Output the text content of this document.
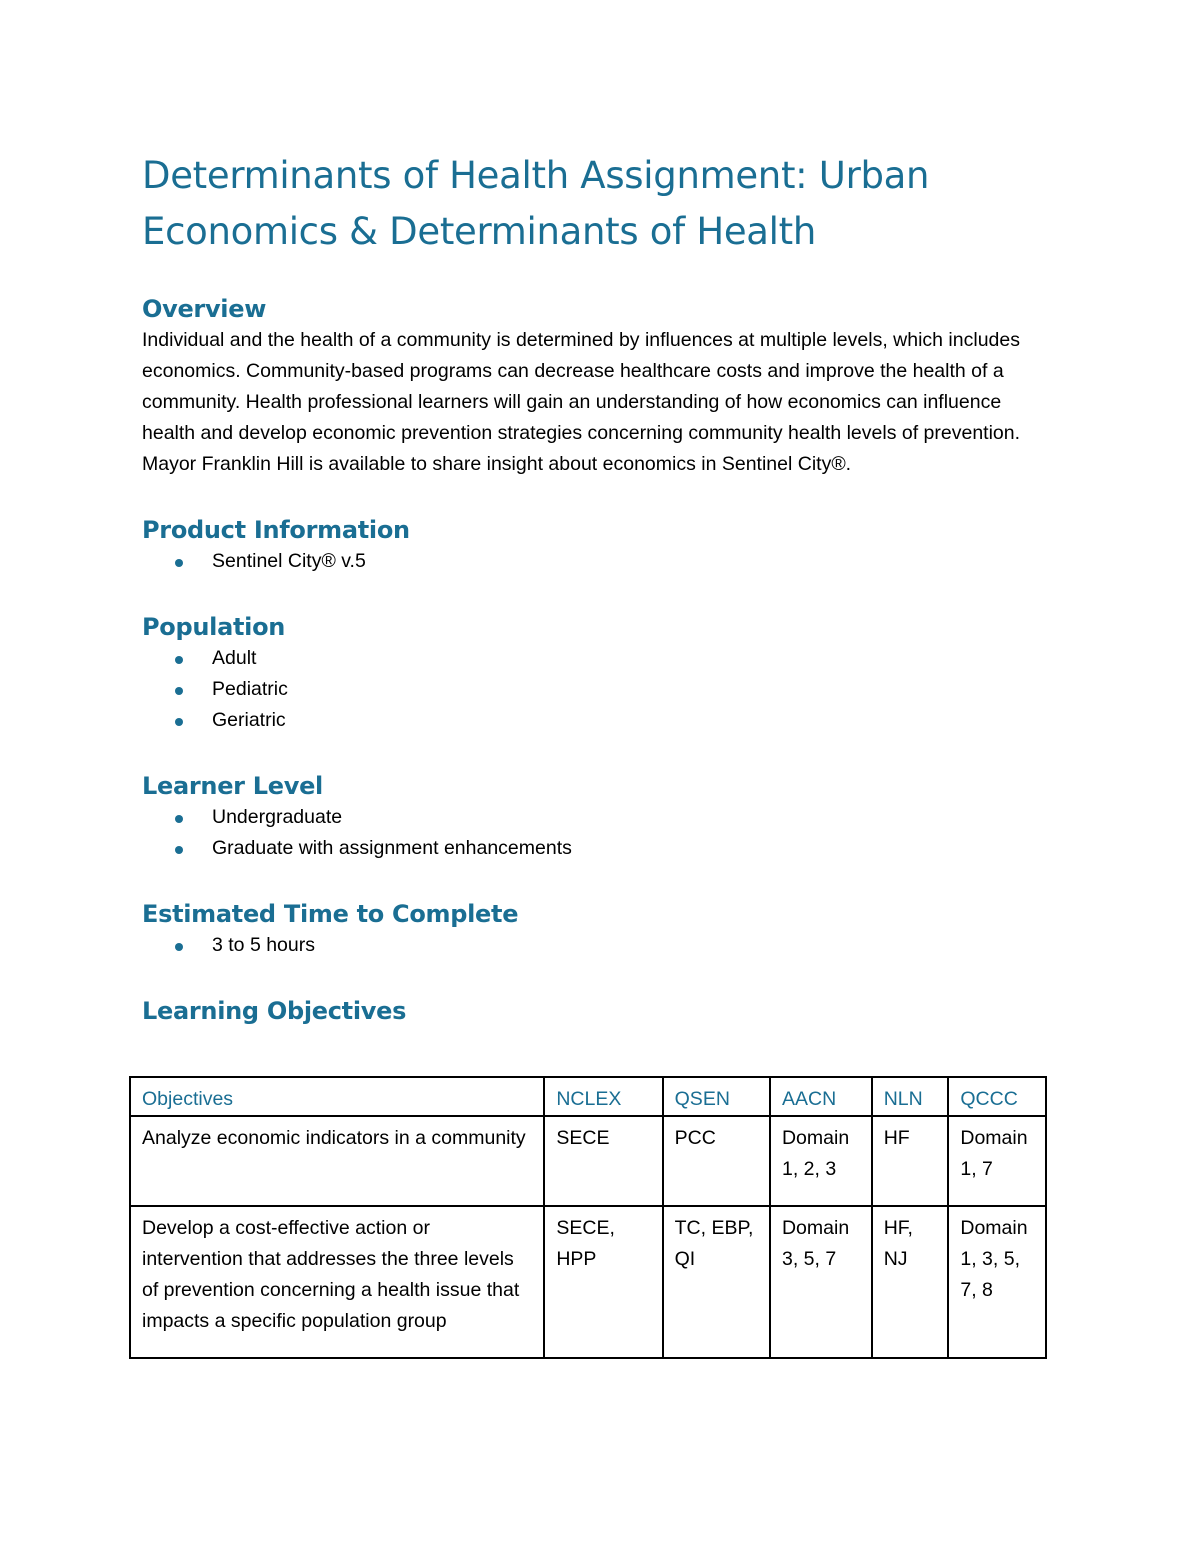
Determinants of Health Assignment: Urban Economics & Determinants of Health
Overview

Individual and the health of a community is determined by influences at multiple levels, which includes economics. Community-based programs can decrease healthcare costs and improve the health of a community. Health professional learners will gain an understanding of how economics can influence health and develop economic prevention strategies concerning community health levels of prevention. Mayor Franklin Hill is available to share insight about economics in Sentinel City®.

Product Information
Sentinel City® v.5
Population
Adult
Pediatric
Geriatric
Learner Level
Undergraduate
Graduate with assignment enhancements
Estimated Time to Complete
3 to 5 hours
Learning Objectives
Objectives	NCLEX	QSEN	AACN	NLN	QCCC
Analyze economic indicators in a community	SECE	PCC	Domain 1, 2, 3	HF	Domain 1, 7
Develop a cost-effective action or intervention that addresses the three levels of prevention concerning a health issue that impacts a specific population group	SECE, HPP	TC, EBP, QI	Domain 3, 5, 7	HF, NJ	Domain 1, 3, 5, 7, 8
